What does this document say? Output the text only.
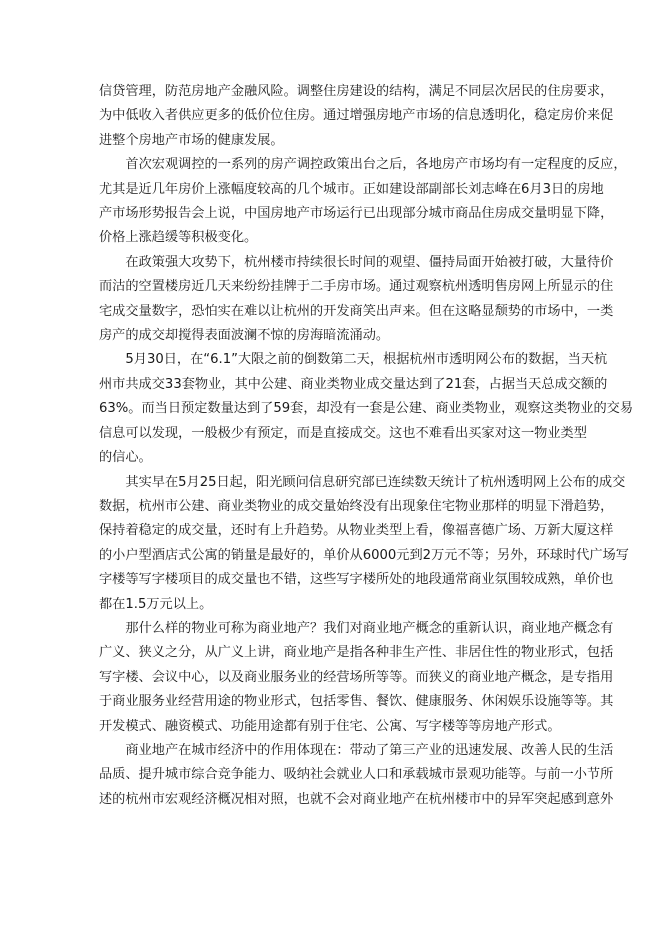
信贷管理，防范房地产金融风险。调整住房建设的结构，满足不同层次居民的住房要求，
为中低收入者供应更多的低价位住房。通过增强房地产市场的信息透明化，稳定房价来促
进整个房地产市场的健康发展。

首次宏观调控的一系列的房产调控政策出台之后，各地房产市场均有一定程度的反应，
尤其是近几年房价上涨幅度较高的几个城市。正如建设部副部长刘志峰在6月3日的房地
产市场形势报告会上说，中国房地产市场运行已出现部分城市商品住房成交量明显下降，
价格上涨趋缓等积极变化。

在政策强大攻势下，杭州楼市持续很长时间的观望、僵持局面开始被打破，大量待价
而沽的空置楼房近几天来纷纷挂牌于二手房市场。通过观察杭州透明售房网上所显示的住
宅成交量数字，恐怕实在难以让杭州的开发商笑出声来。但在这略显颓势的市场中，一类
房产的成交却搅得表面波澜不惊的房海暗流涌动。

5月30日，在“6.1”大限之前的倒数第二天，根据杭州市透明网公布的数据，当天杭
州市共成交33套物业，其中公建、商业类物业成交量达到了21套，占据当天总成交额的
63%。而当日预定数量达到了59套，却没有一套是公建、商业类物业，观察这类物业的交易
信息可以发现，一般极少有预定，而是直接成交。这也不难看出买家对这一物业类型
的信心。

其实早在5月25日起，阳光顾问信息研究部已连续数天统计了杭州透明网上公布的成交
数据，杭州市公建、商业类物业的成交量始终没有出现象住宅物业那样的明显下滑趋势，
保持着稳定的成交量，还时有上升趋势。从物业类型上看，像福喜德广场、万新大厦这样
的小户型酒店式公寓的销量是最好的，单价从6000元到2万元不等；另外，环球时代广场写
字楼等写字楼项目的成交量也不错，这些写字楼所处的地段通常商业氛围较成熟，单价也
都在1.5万元以上。

那什么样的物业可称为商业地产？我们对商业地产概念的重新认识，商业地产概念有
广义、狭义之分，从广义上讲，商业地产是指各种非生产性、非居住性的物业形式，包括
写字楼、会议中心，以及商业服务业的经营场所等等。而狭义的商业地产概念，是专指用
于商业服务业经营用途的物业形式，包括零售、餐饮、健康服务、休闲娱乐设施等等。其
开发模式、融资模式、功能用途都有别于住宅、公寓、写字楼等等房地产形式。

商业地产在城市经济中的作用体现在：带动了第三产业的迅速发展、改善人民的生活
品质、提升城市综合竞争能力、吸纳社会就业人口和承载城市景观功能等。与前一小节所
述的杭州市宏观经济概况相对照，也就不会对商业地产在杭州楼市中的异军突起感到意外
